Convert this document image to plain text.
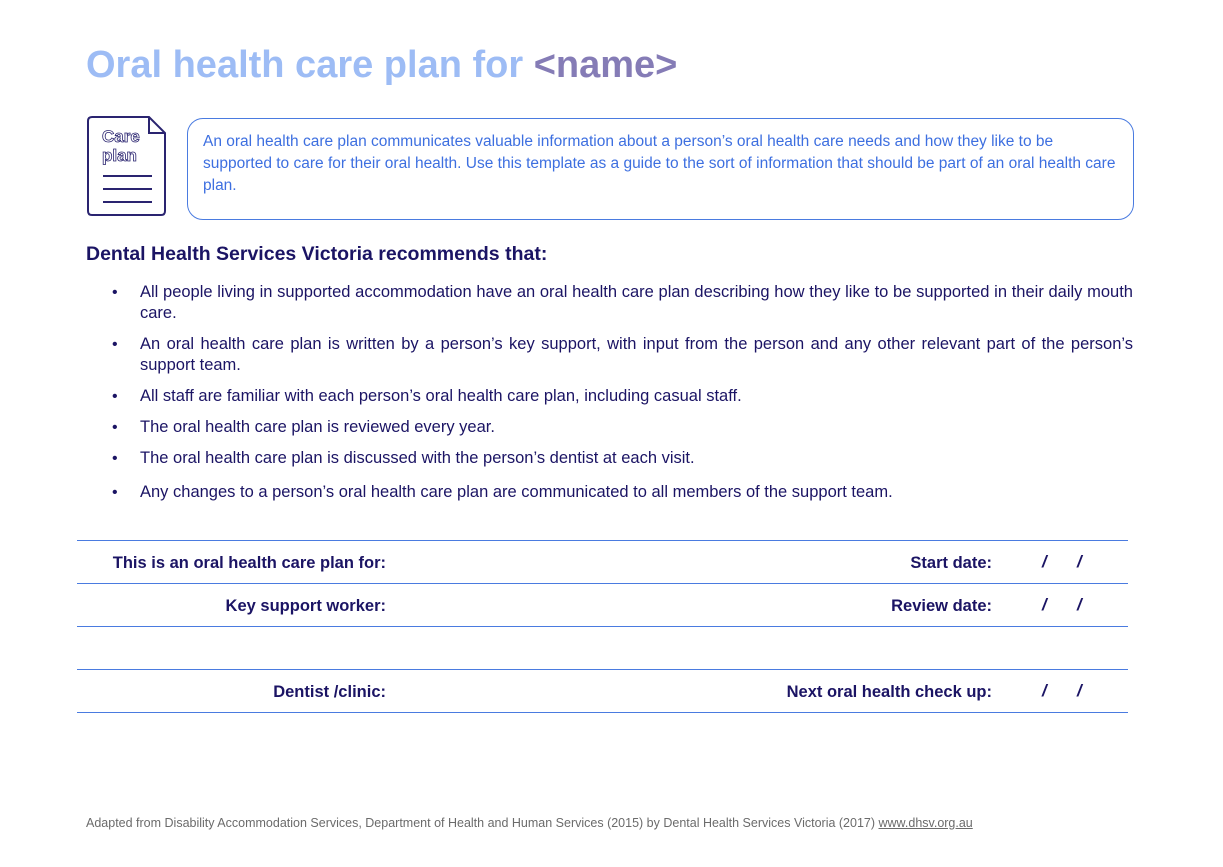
Oral health care plan for <name>
Care
plan
An oral health care plan communicates valuable information about a person’s oral health care needs and how they like to be supported to care for their oral health. Use this template as a guide to the sort of information that should be part of an oral health care plan.
Dental Health Services Victoria recommends that:
• All people living in supported accommodation have an oral health care plan describing how they like to be supported in their daily mouth care.
• An oral health care plan is written by a person’s key support, with input from the person and any other relevant part of the person’s support team.
• All staff are familiar with each person’s oral health care plan, including casual staff.
• The oral health care plan is reviewed every year.
• The oral health care plan is discussed with the person’s dentist at each visit.
• Any changes to a person’s oral health care plan are communicated to all members of the support team.
This is an oral health care plan for:	Start date:	/ /
Key support worker:	Review date:	/ /
Dentist /clinic:	Next oral health check up:	/ /
Adapted from Disability Accommodation Services, Department of Health and Human Services (2015) by Dental Health Services Victoria (2017) www.dhsv.org.au
